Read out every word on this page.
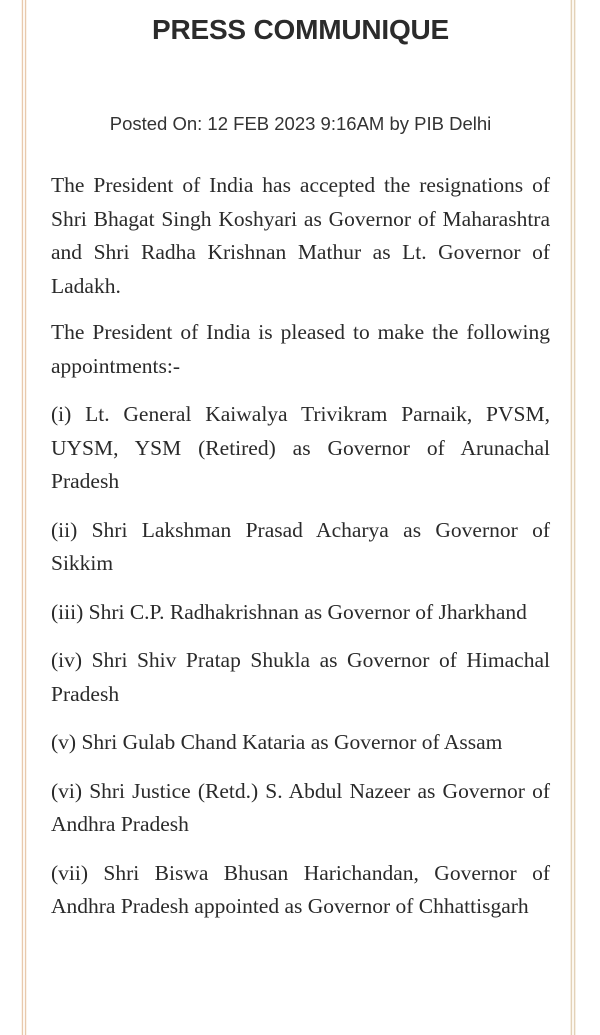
PRESS COMMUNIQUE
Posted On: 12 FEB 2023 9:16AM by PIB Delhi

The President of India has accepted the resignations of Shri Bhagat Singh Koshyari as Governor of Maharashtra and Shri Radha Krishnan Mathur as Lt. Governor of Ladakh.

The President of India is pleased to make the following appointments:-

(i) Lt. General Kaiwalya Trivikram Parnaik, PVSM, UYSM, YSM (Retired) as Governor of Arunachal Pradesh

(ii) Shri Lakshman Prasad Acharya as Governor of Sikkim

(iii) Shri C.P. Radhakrishnan as Governor of Jharkhand

(iv) Shri Shiv Pratap Shukla as Governor of Himachal Pradesh

(v) Shri Gulab Chand Kataria as Governor of Assam

(vi) Shri Justice (Retd.) S. Abdul Nazeer as Governor of Andhra Pradesh

(vii) Shri Biswa Bhusan Harichandan, Governor of Andhra Pradesh appointed as Governor of Chhattisgarh
